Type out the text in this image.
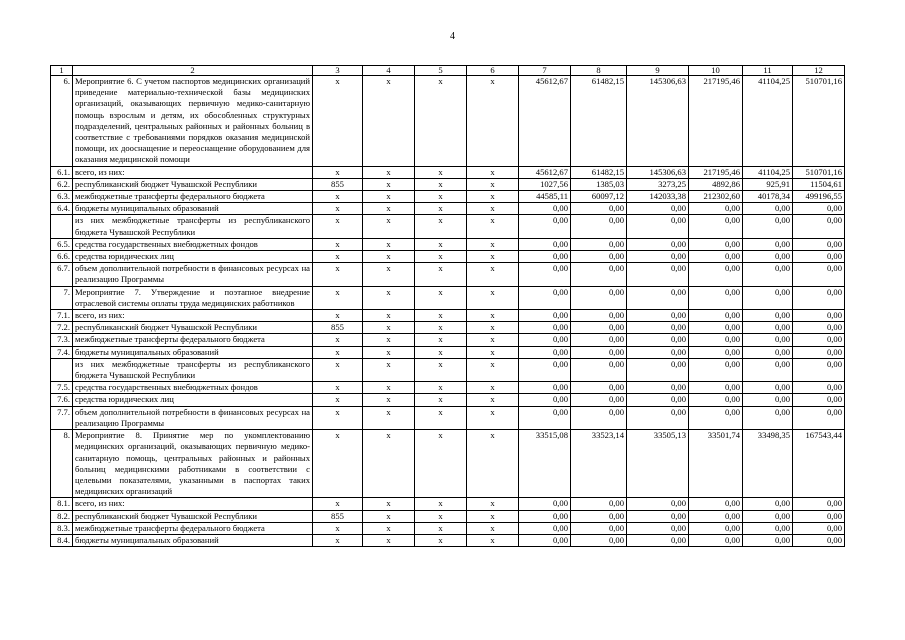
4
1	2	3	4	5	6	7	8	9	10	11	12
6.	Мероприятие 6. С учетом паспортов медицинских организаций приведение материально-технической базы медицинских организаций, оказывающих первичную медико-санитарную помощь взрослым и детям, их обособленных структурных подразделений, центральных районных и районных больниц в соответствие с требованиями порядков оказания медицинской помощи, их дооснащение и переоснащение оборудованием для оказания медицинской помощи	x	x	x	x	45612,67	61482,15	145306,63	217195,46	41104,25	510701,16
6.1.	всего, из них:	x	x	x	x	45612,67	61482,15	145306,63	217195,46	41104,25	510701,16
6.2.	республиканский бюджет Чувашской Республики	855	x	x	x	1027,56	1385,03	3273,25	4892,86	925,91	11504,61
6.3.	межбюджетные трансферты федерального бюджета	x	x	x	x	44585,11	60097,12	142033,38	212302,60	40178,34	499196,55
6.4.	бюджеты муниципальных образований	x	x	x	x	0,00	0,00	0,00	0,00	0,00	0,00
	из них межбюджетные трансферты из республиканского бюджета Чувашской Республики	x	x	x	x	0,00	0,00	0,00	0,00	0,00	0,00
6.5.	средства государственных внебюджетных фондов	x	x	x	x	0,00	0,00	0,00	0,00	0,00	0,00
6.6.	средства юридических лиц	x	x	x	x	0,00	0,00	0,00	0,00	0,00	0,00
6.7.	объем дополнительной потребности в финансовых ресурсах на реализацию Программы	x	x	x	x	0,00	0,00	0,00	0,00	0,00	0,00
7.	Мероприятие 7. Утверждение и поэтапное внедрение отраслевой системы оплаты труда медицинских работников	x	x	x	x	0,00	0,00	0,00	0,00	0,00	0,00
7.1.	всего, из них:	x	x	x	x	0,00	0,00	0,00	0,00	0,00	0,00
7.2.	республиканский бюджет Чувашской Республики	855	x	x	x	0,00	0,00	0,00	0,00	0,00	0,00
7.3.	межбюджетные трансферты федерального бюджета	x	x	x	x	0,00	0,00	0,00	0,00	0,00	0,00
7.4.	бюджеты муниципальных образований	x	x	x	x	0,00	0,00	0,00	0,00	0,00	0,00
	из них межбюджетные трансферты из республиканского бюджета Чувашской Республики	x	x	x	x	0,00	0,00	0,00	0,00	0,00	0,00
7.5.	средства государственных внебюджетных фондов	x	x	x	x	0,00	0,00	0,00	0,00	0,00	0,00
7.6.	средства юридических лиц	x	x	x	x	0,00	0,00	0,00	0,00	0,00	0,00
7.7.	объем дополнительной потребности в финансовых ресурсах на реализацию Программы	x	x	x	x	0,00	0,00	0,00	0,00	0,00	0,00
8.	Мероприятие 8. Принятие мер по укомплектованию медицинских организаций, оказывающих первичную медико-санитарную помощь, центральных районных и районных больниц медицинскими работниками в соответствии с целевыми показателями, указанными в паспортах таких медицинских организаций	x	x	x	x	33515,08	33523,14	33505,13	33501,74	33498,35	167543,44
8.1.	всего, из них:	x	x	x	x	0,00	0,00	0,00	0,00	0,00	0,00
8.2.	республиканский бюджет Чувашской Республики	855	x	x	x	0,00	0,00	0,00	0,00	0,00	0,00
8.3.	межбюджетные трансферты федерального бюджета	x	x	x	x	0,00	0,00	0,00	0,00	0,00	0,00
8.4.	бюджеты муниципальных образований	x	x	x	x	0,00	0,00	0,00	0,00	0,00	0,00
